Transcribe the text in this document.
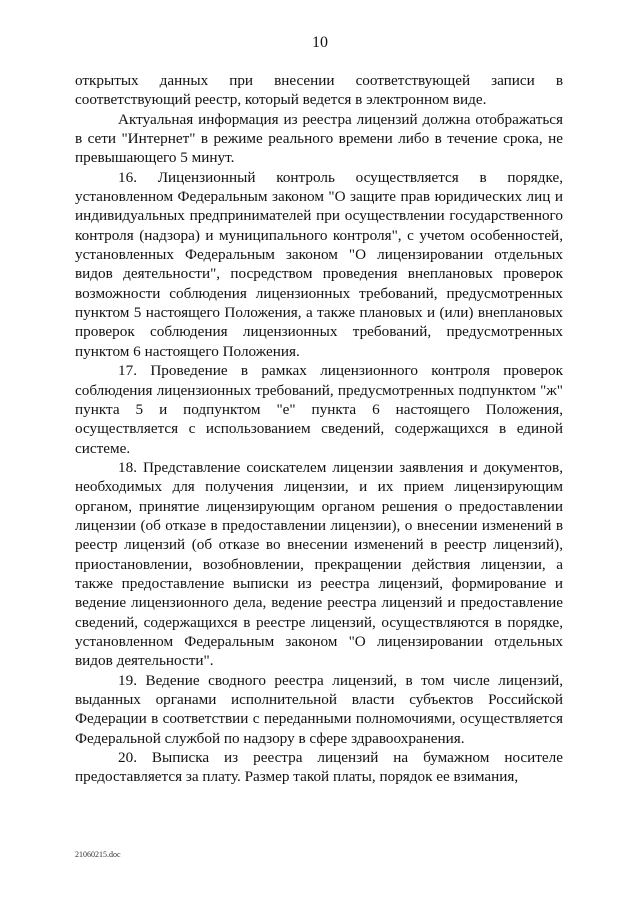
10

открытых данных при внесении соответствующей записи в соответствующий реестр, который ведется в электронном виде.

Актуальная информация из реестра лицензий должна отображаться в сети "Интернет" в режиме реального времени либо в течение срока, не превышающего 5 минут.

16. Лицензионный контроль осуществляется в порядке, установленном Федеральным законом "О защите прав юридических лиц и индивидуальных предпринимателей при осуществлении государственного контроля (надзора) и муниципального контроля", с учетом особенностей, установленных Федеральным законом "О лицензировании отдельных видов деятельности", посредством проведения внеплановых проверок возможности соблюдения лицензионных требований, предусмотренных пунктом 5 настоящего Положения, а также плановых и (или) внеплановых проверок соблюдения лицензионных требований, предусмотренных пунктом 6 настоящего Положения.

17. Проведение в рамках лицензионного контроля проверок соблюдения лицензионных требований, предусмотренных подпунктом "ж" пункта 5 и подпунктом "е" пункта 6 настоящего Положения, осуществляется с использованием сведений, содержащихся в единой системе.

18. Представление соискателем лицензии заявления и документов, необходимых для получения лицензии, и их прием лицензирующим органом, принятие лицензирующим органом решения о предоставлении лицензии (об отказе в предоставлении лицензии), о внесении изменений в реестр лицензий (об отказе во внесении изменений в реестр лицензий), приостановлении, возобновлении, прекращении действия лицензии, а также предоставление выписки из реестра лицензий, формирование и ведение лицензионного дела, ведение реестра лицензий и предоставление сведений, содержащихся в реестре лицензий, осуществляются в порядке, установленном Федеральным законом "О лицензировании отдельных видов деятельности".

19. Ведение сводного реестра лицензий, в том числе лицензий, выданных органами исполнительной власти субъектов Российской Федерации в соответствии с переданными полномочиями, осуществляется Федеральной службой по надзору в сфере здравоохранения.

20. Выписка из реестра лицензий на бумажном носителе предоставляется за плату. Размер такой платы, порядок ее взимания,

21060215.doc
